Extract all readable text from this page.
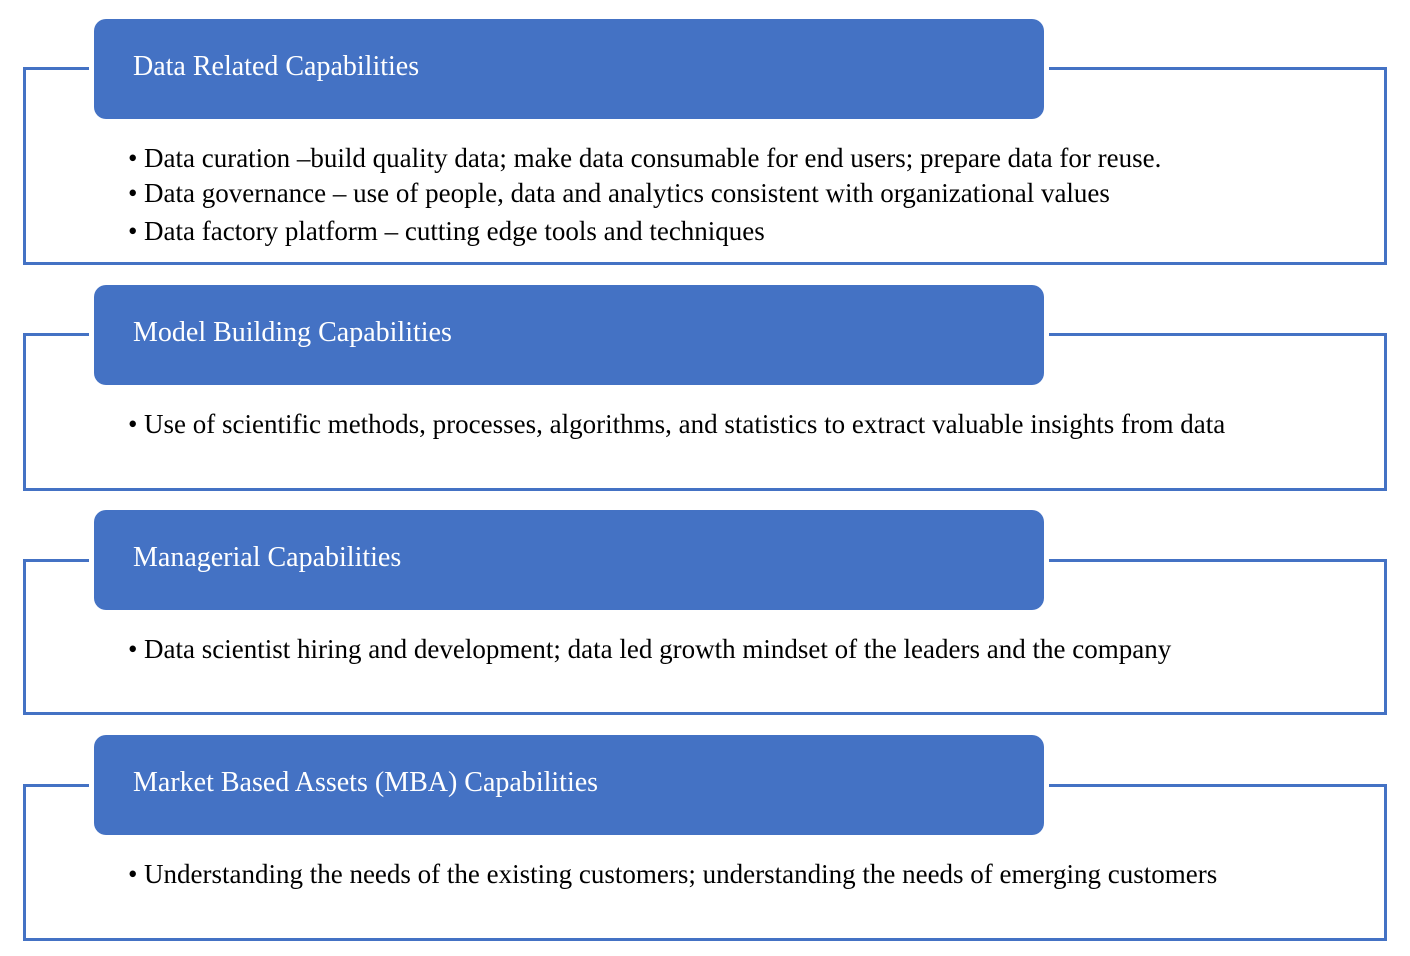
Data Related Capabilities
• Data curation –build quality data; make data consumable for end users; prepare data for reuse.
• Data governance – use of people, data and analytics consistent with organizational values
• Data factory platform – cutting edge tools and techniques
Model Building Capabilities
• Use of scientific methods, processes, algorithms, and statistics to extract valuable insights from data
Managerial Capabilities
• Data scientist hiring and development; data led growth mindset of the leaders and the company
Market Based Assets (MBA) Capabilities
• Understanding the needs of the existing customers; understanding the needs of emerging customers
